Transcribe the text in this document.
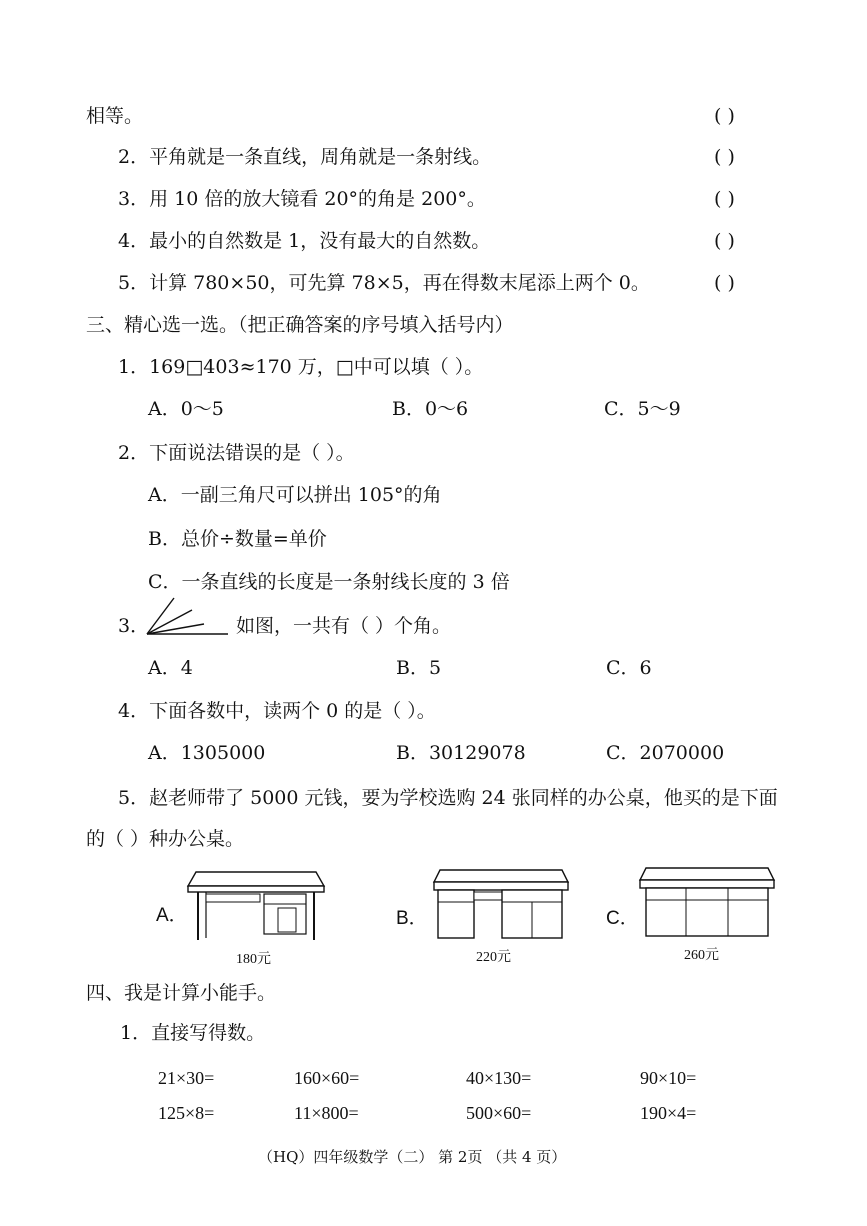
相等。	( )
2．平角就是一条直线，周角就是一条射线。	( )
3．用 10 倍的放大镜看 20°的角是 200°。	( )
4．最小的自然数是 1，没有最大的自然数。	( )
5．计算 780×50，可先算 78×5，再在得数末尾添上两个 0。	( )
三、精心选一选。（把正确答案的序号填入括号内）
1．169□403≈170 万，□中可以填（ ）。
A．0～5	B．0～6	C．5～9
2．下面说法错误的是（ ）。
A．一副三角尺可以拼出 105°的角
B．总价÷数量=单价
C．一条直线的长度是一条射线长度的 3 倍
3．	如图，一共有（ ）个角。
A．4	B．5	C．6
4．下面各数中，读两个 0 的是（ ）。
A．1305000	B．30129078	C．2070000
5．赵老师带了 5000 元钱，要为学校选购 24 张同样的办公桌，他买的是下面
的（ ）种办公桌。
A．
180元
B．
220元
C．
260元
四、我是计算小能手。
1．直接写得数。
21×30=	160×60=	40×130=	90×10=
125×8=	11×800=	500×60=	190×4=
（HQ）四年级数学（二） 第 2页 （共 4 页）
